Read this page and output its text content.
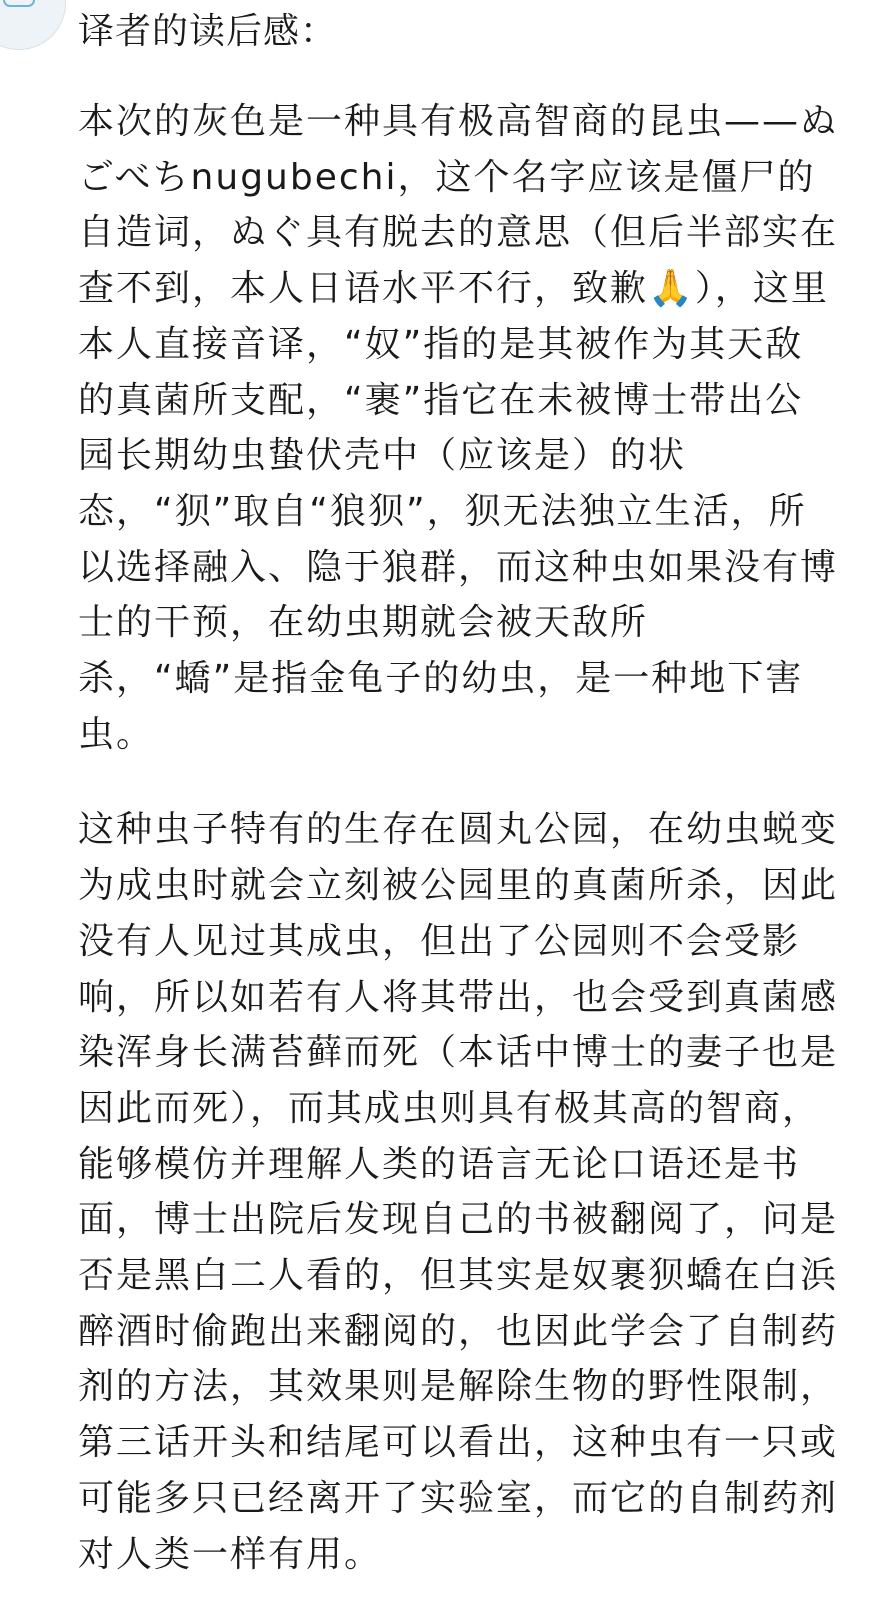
译者的读后感：

本次的灰色是一种具有极高智商的昆虫——ぬごべちnugubechi，这个名字应该是僵尸的自造词，ぬぐ具有脱去的意思（但后半部实在查不到，本人日语水平不行，致歉🙏），这里本人直接音译，“奴”指的是其被作为其天敌的真菌所支配，“裹”指它在未被博士带出公园长期幼虫蛰伏壳中（应该是）的状态，“狈”取自“狼狈”，狈无法独立生活，所以选择融入、隐于狼群，而这种虫如果没有博士的干预，在幼虫期就会被天敌所杀，“蟜”是指金龟子的幼虫，是一种地下害虫。

这种虫子特有的生存在圆丸公园，在幼虫蜕变为成虫时就会立刻被公园里的真菌所杀，因此没有人见过其成虫，但出了公园则不会受影响，所以如若有人将其带出，也会受到真菌感染浑身长满苔藓而死（本话中博士的妻子也是因此而死），而其成虫则具有极其高的智商，能够模仿并理解人类的语言无论口语还是书面，博士出院后发现自己的书被翻阅了，问是否是黑白二人看的，但其实是奴裹狈蟜在白浜醉酒时偷跑出来翻阅的，也因此学会了自制药剂的方法，其效果则是解除生物的野性限制，第三话开头和结尾可以看出，这种虫有一只或可能多只已经离开了实验室，而它的自制药剂对人类一样有用。
